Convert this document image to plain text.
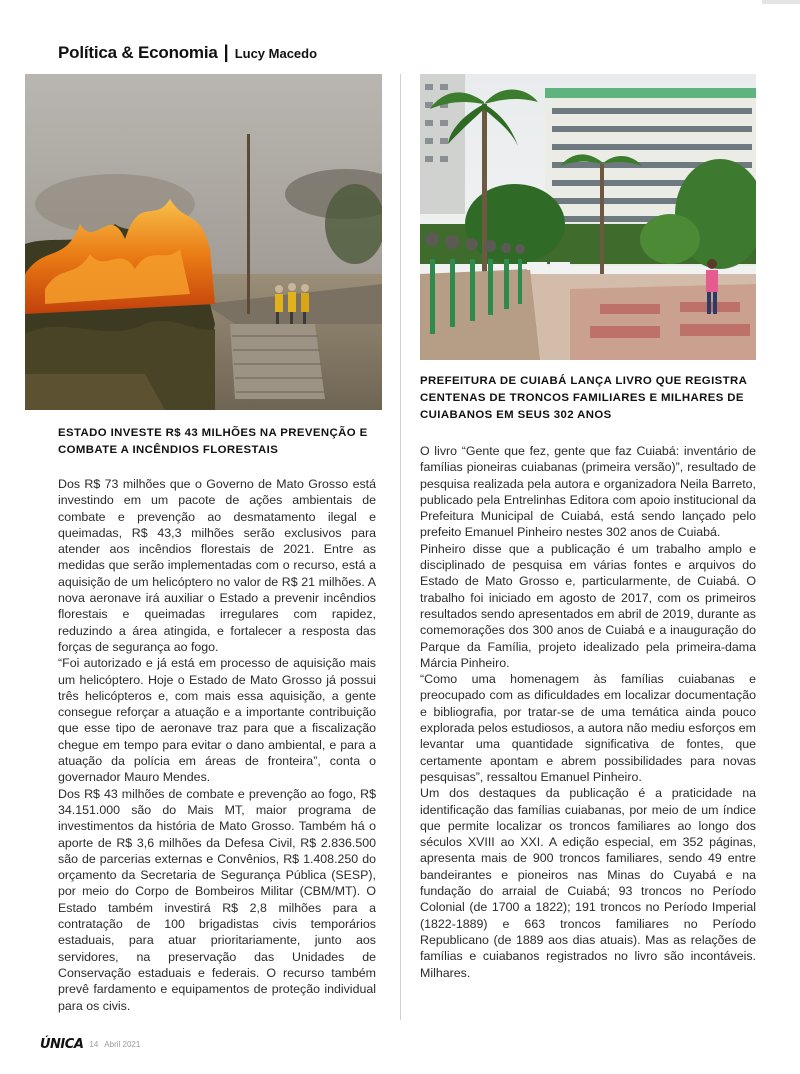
Política & Economia | Lucy Macedo
ESTADO INVESTE R$ 43 MILHÕES NA PREVENÇÃO E COMBATE A INCÊNDIOS FLORESTAIS
PREFEITURA DE CUIABÁ LANÇA LIVRO QUE REGISTRA CENTENAS DE TRONCOS FAMILIARES E MILHARES DE CUIABANOS EM SEUS 302 ANOS

Dos R$ 73 milhões que o Governo de Mato Grosso está investindo em um pacote de ações ambientais de combate e prevenção ao desmatamento ilegal e queimadas, R$ 43,3 milhões serão exclusivos para atender aos incêndios florestais de 2021. Entre as medidas que serão implementadas com o recurso, está a aquisição de um helicóptero no valor de R$ 21 milhões. A nova aeronave irá auxiliar o Estado a prevenir incêndios florestais e queimadas irregulares com rapidez, reduzindo a área atingida, e fortalecer a resposta das forças de segurança ao fogo.

“Foi autorizado e já está em processo de aquisição mais um helicóptero. Hoje o Estado de Mato Grosso já possui três helicópteros e, com mais essa aquisição, a gente consegue reforçar a atuação e a importante contribuição que esse tipo de aeronave traz para que a fiscalização chegue em tempo para evitar o dano ambiental, e para a atuação da polícia em áreas de fronteira”, conta o governador Mauro Mendes.

Dos R$ 43 milhões de combate e prevenção ao fogo, R$ 34.151.000 são do Mais MT, maior programa de investimentos da história de Mato Grosso. Também há o aporte de R$ 3,6 milhões da Defesa Civil, R$ 2.836.500 são de parcerias externas e Convênios, R$ 1.408.250 do orçamento da Secretaria de Segurança Pública (SESP), por meio do Corpo de Bombeiros Militar (CBM/MT). O Estado também investirá R$ 2,8 milhões para a contratação de 100 brigadistas civis temporários estaduais, para atuar prioritariamente, junto aos servidores, na preservação das Unidades de Conservação estaduais e federais. O recurso também prevê fardamento e equipamentos de proteção individual para os civis.

O livro “Gente que fez, gente que faz Cuiabá: inventário de famílias pioneiras cuiabanas (primeira versão)”, resultado de pesquisa realizada pela autora e organizadora Neila Barreto, publicado pela Entrelinhas Editora com apoio institucional da Prefeitura Municipal de Cuiabá, está sendo lançado pelo prefeito Emanuel Pinheiro nestes 302 anos de Cuiabá.

Pinheiro disse que a publicação é um trabalho amplo e disciplinado de pesquisa em várias fontes e arquivos do Estado de Mato Grosso e, particularmente, de Cuiabá. O trabalho foi iniciado em agosto de 2017, com os primeiros resultados sendo apresentados em abril de 2019, durante as comemorações dos 300 anos de Cuiabá e a inauguração do Parque da Família, projeto idealizado pela primeira-dama Márcia Pinheiro.

“Como uma homenagem às famílias cuiabanas e preocupado com as dificuldades em localizar documentação e bibliografia, por tratar-se de uma temática ainda pouco explorada pelos estudiosos, a autora não mediu esforços em levantar uma quantidade significativa de fontes, que certamente apontam e abrem possibilidades para novas pesquisas”, ressaltou Emanuel Pinheiro.

Um dos destaques da publicação é a praticidade na identificação das famílias cuiabanas, por meio de um índice que permite localizar os troncos familiares ao longo dos séculos XVIII ao XXI. A edição especial, em 352 páginas, apresenta mais de 900 troncos familiares, sendo 49 entre bandeirantes e pioneiros nas Minas do Cuyabá e na fundação do arraial de Cuiabá; 93 troncos no Período Colonial (de 1700 a 1822); 191 troncos no Período Imperial (1822-1889) e 663 troncos familiares no Período Republicano (de 1889 aos dias atuais). Mas as relações de famílias e cuiabanos registrados no livro são incontáveis. Milhares.

ÚNICA 14 Abril 2021
